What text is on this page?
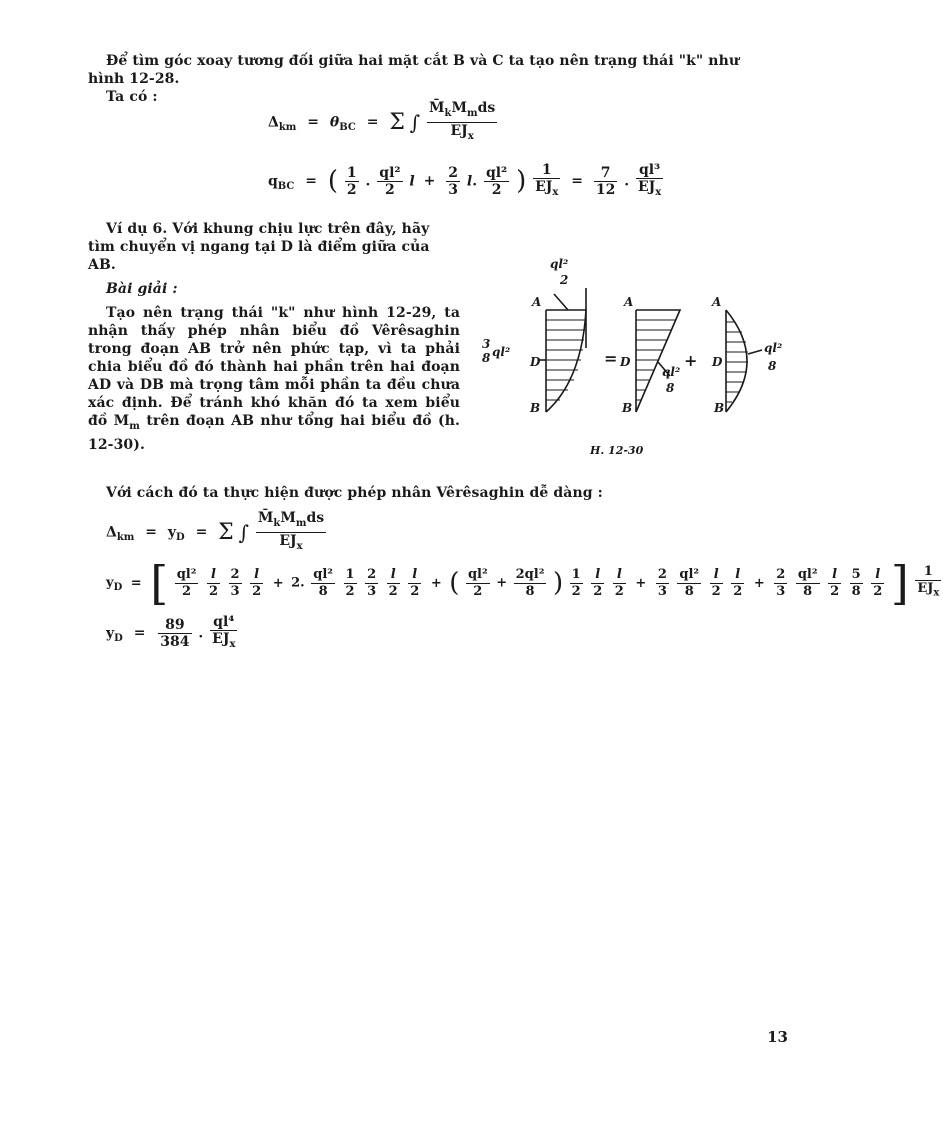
Để tìm góc xoay tương đối giữa hai mặt cắt B và C ta tạo nên trạng thái "k" như
hình 12-28.
Ta có :
$\Delta_{km} = \theta_{BC} = \Sigma$ ∫ $\frac{M̄_kM_mds}{EJ_x}$
$q_{BC}$ = ( $\frac{1}{2}$ . $\frac{\text{ql²}}{2}$ $l + \frac{2}{3} l$. $\frac{\text{ql²}}{2}$ ) $\frac{1}{EJ_x} = \frac{7}{12}$ . $\frac{\text{ql³}}{EJ_x}$
Ví dụ 6. Với khung chịu lực trên đây, hãy tìm chuyển vị ngang tại D là điểm giữa của AB.
Bài giải :
Tạo nên trạng thái "k" như hình 12-29, ta nhận thấy phép nhân biểu đồ Vêrêsaghin trong đoạn AB trở nên phức tạp, vì ta phải chia biểu đồ đó thành hai phần trên hai đoạn AD và DB mà trọng tâm mỗi phần ta đều chưa xác định. Để tránh khó khăn đó ta xem biểu đồ $M_m$ trên đoạn AB như tổng hai biểu đồ (h. 12-30).
ql²
2
A
D
B
3
8 ql²	=
A
D
B
ql²
8
+
A
D
B
ql²
8
H. 12-30
Với cách đó ta thực hiện được phép nhân Vêrêsaghin dễ dàng :
$\Delta_{km} = y_D = \Sigma$ ∫ $\frac{M̄_kM_mds}{EJ_x}$
$y_D$ = [ $\frac{\text{ql²}}{2}$
$\frac{l}{2}$
$\frac{2}{3}$
$\frac{l}{2} + 2$. $\frac{\text{ql²}}{8}$
$\frac{1}{2}$
$\frac{2}{3}$
$\frac{l}{2}$
$\frac{l}{2}$ + ( $\frac{\text{ql²}}{2} + \frac{\text{2ql²}}{8}$ ) $\frac{1}{2}$
$\frac{l}{2}$
$\frac{l}{2} + \frac{2}{3}$
$\frac{\text{ql²}}{8}$
$\frac{l}{2}$
$\frac{l}{2} + \frac{2}{3}$
$\frac{\text{ql²}}{8}$
$\frac{l}{2}$
$\frac{5}{8}$
$\frac{l}{2}$ ] $\frac{1}{EJ_x}$
$y_D = \frac{89}{384}$ . $\frac{\text{ql⁴}}{EJ_x}$
13
